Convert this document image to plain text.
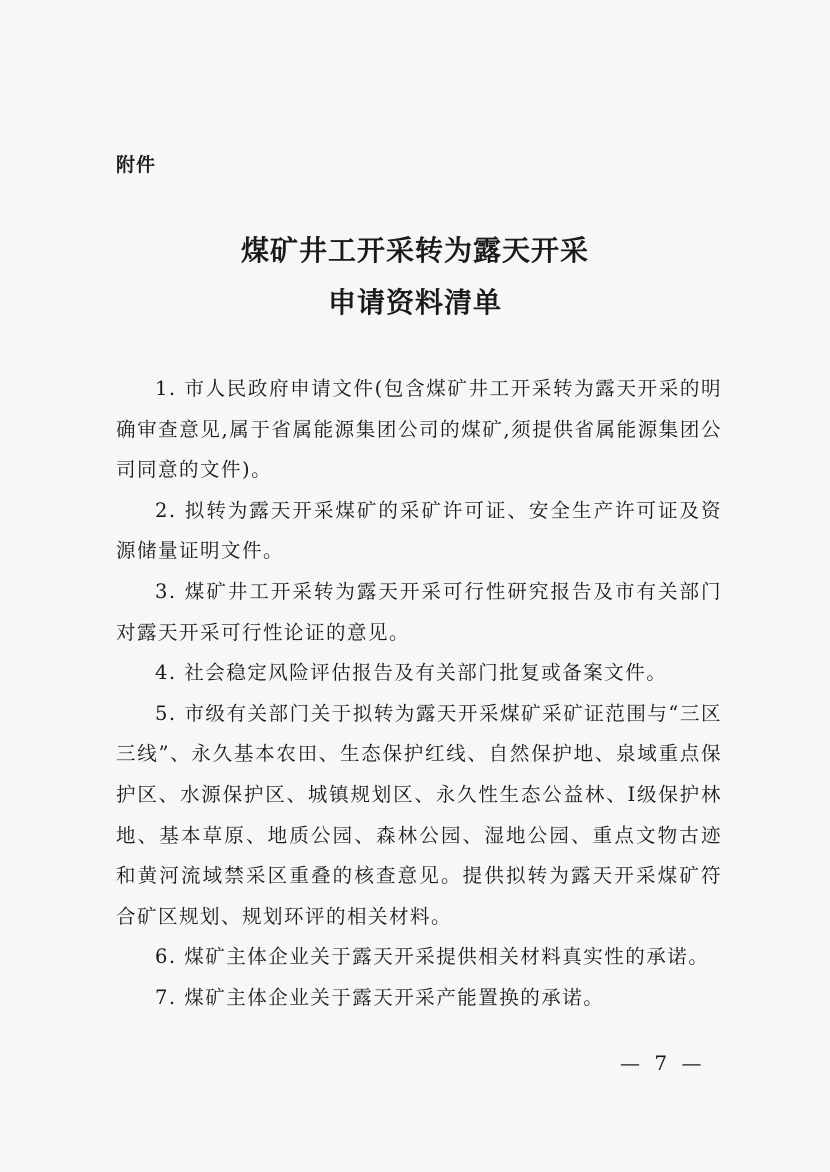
附件
煤矿井工开采转为露天开采
申请资料清单

1. 市人民政府申请文件(包含煤矿井工开采转为露天开采的明确审查意见,属于省属能源集团公司的煤矿,须提供省属能源集团公司同意的文件)。

2. 拟转为露天开采煤矿的采矿许可证、安全生产许可证及资源储量证明文件。

3. 煤矿井工开采转为露天开采可行性研究报告及市有关部门对露天开采可行性论证的意见。

4. 社会稳定风险评估报告及有关部门批复或备案文件。

5. 市级有关部门关于拟转为露天开采煤矿采矿证范围与“三区三线”、永久基本农田、生态保护红线、自然保护地、泉域重点保护区、水源保护区、城镇规划区、永久性生态公益林、Ⅰ级保护林地、基本草原、地质公园、森林公园、湿地公园、重点文物古迹和黄河流域禁采区重叠的核查意见。提供拟转为露天开采煤矿符合矿区规划、规划环评的相关材料。

6. 煤矿主体企业关于露天开采提供相关材料真实性的承诺。

7. 煤矿主体企业关于露天开采产能置换的承诺。

— 7 —
